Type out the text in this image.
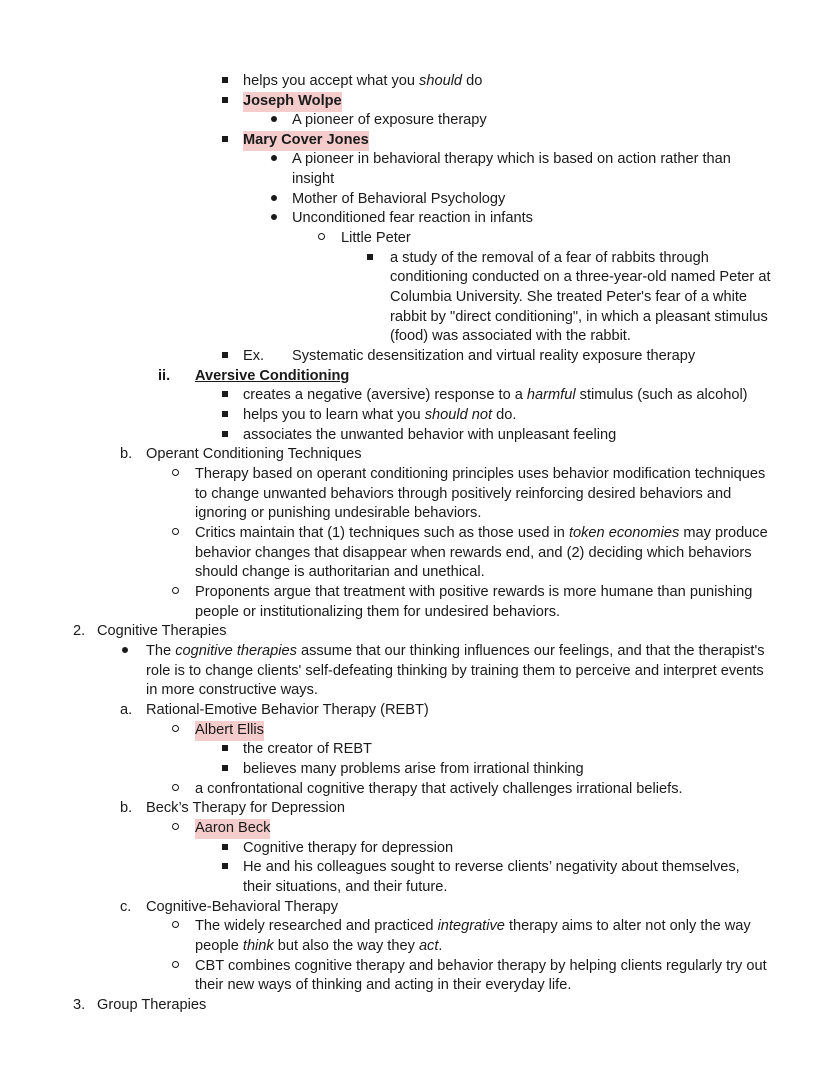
helps you accept what you should do
Joseph Wolpe
A pioneer of exposure therapy
Mary Cover Jones
A pioneer in behavioral therapy which is based on action rather than
insight
Mother of Behavioral Psychology
Unconditioned fear reaction in infants
Little Peter
a study of the removal of a fear of rabbits through
conditioning conducted on a three-year-old named Peter at
Columbia University. She treated Peter's fear of a white
rabbit by "direct conditioning", in which a pleasant stimulus
(food) was associated with the rabbit.
Ex. Systematic desensitization and virtual reality exposure therapy
ii. Aversive Conditioning
creates a negative (aversive) response to a harmful stimulus (such as alcohol)
helps you to learn what you should not do.
associates the unwanted behavior with unpleasant feeling
b. Operant Conditioning Techniques
Therapy based on operant conditioning principles uses behavior modification techniques
to change unwanted behaviors through positively reinforcing desired behaviors and
ignoring or punishing undesirable behaviors.
Critics maintain that (1) techniques such as those used in token economies may produce
behavior changes that disappear when rewards end, and (2) deciding which behaviors
should change is authoritarian and unethical.
Proponents argue that treatment with positive rewards is more humane than punishing
people or institutionalizing them for undesired behaviors.
2. Cognitive Therapies
The cognitive therapies assume that our thinking influences our feelings, and that the therapist's
role is to change clients' self-defeating thinking by training them to perceive and interpret events
in more constructive ways.
a. Rational-Emotive Behavior Therapy (REBT)
Albert Ellis
the creator of REBT
believes many problems arise from irrational thinking
a confrontational cognitive therapy that actively challenges irrational beliefs.
b. Beck’s Therapy for Depression
Aaron Beck
Cognitive therapy for depression
He and his colleagues sought to reverse clients’ negativity about themselves,
their situations, and their future.
c. Cognitive-Behavioral Therapy
The widely researched and practiced integrative therapy aims to alter not only the way
people think but also the way they act.
CBT combines cognitive therapy and behavior therapy by helping clients regularly try out
their new ways of thinking and acting in their everyday life.
3. Group Therapies
